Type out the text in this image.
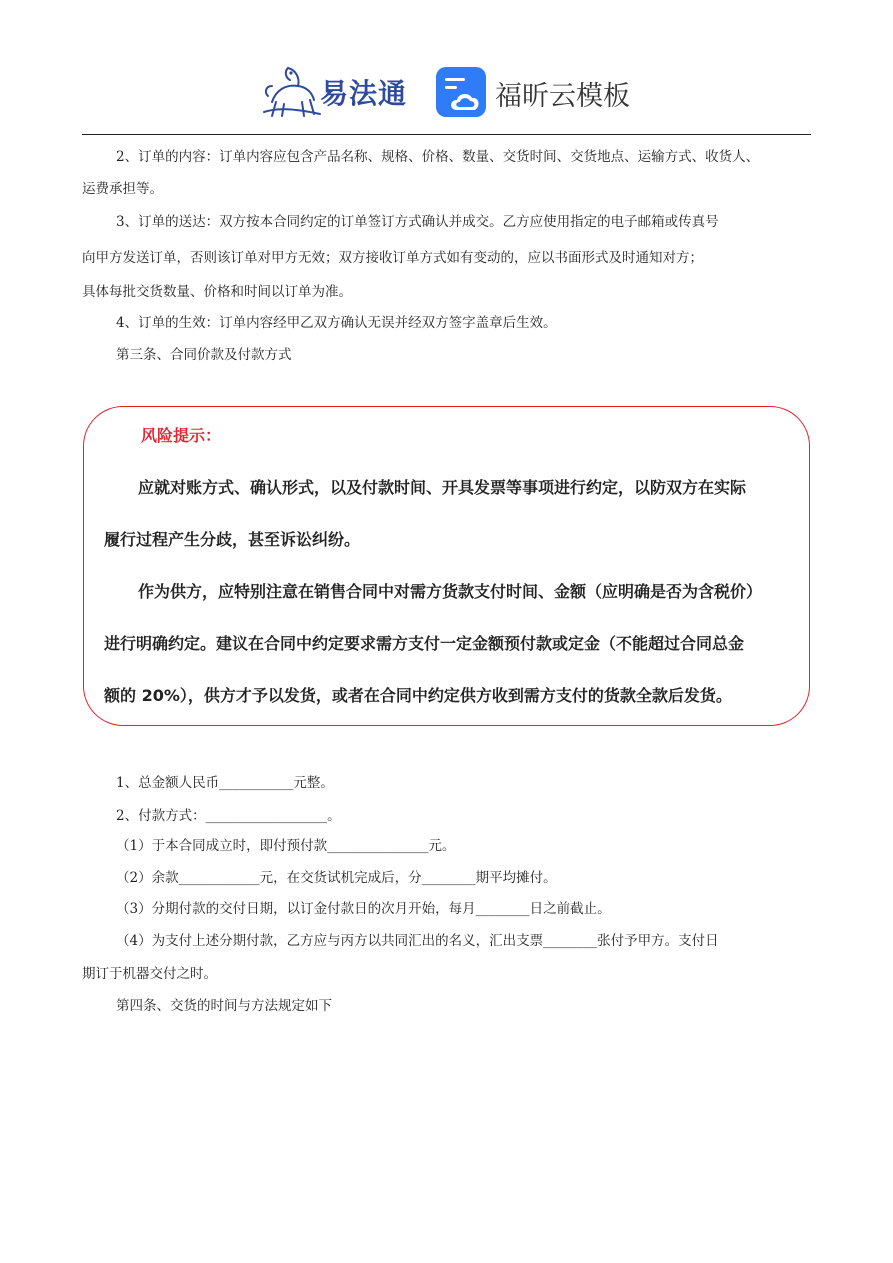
易法通	福昕云模板
2、订单的内容：订单内容应包含产品名称、规格、价格、数量、交货时间、交货地点、运输方式、收货人、
运费承担等。
3、订单的送达：双方按本合同约定的订单签订方式确认并成交。乙方应使用指定的电子邮箱或传真号
向甲方发送订单，否则该订单对甲方无效；双方接收订单方式如有变动的，应以书面形式及时通知对方；
具体每批交货数量、价格和时间以订单为准。
4、订单的生效：订单内容经甲乙双方确认无误并经双方签字盖章后生效。
第三条、合同价款及付款方式
风险提示：
应就对账方式、确认形式，以及付款时间、开具发票等事项进行约定，以防双方在实际
履行过程产生分歧，甚至诉讼纠纷。
作为供方，应特别注意在销售合同中对需方货款支付时间、金额（应明确是否为含税价）
进行明确约定。建议在合同中约定要求需方支付一定金额预付款或定金（不能超过合同总金
额的 20%），供方才予以发货，或者在合同中约定供方收到需方支付的货款全款后发货。
1、总金额人民币___________元整。
2、付款方式：__________________。
（1）于本合同成立时，即付预付款_______________元。
（2）余款____________元，在交货试机完成后，分________期平均摊付。
（3）分期付款的交付日期，以订金付款日的次月开始，每月________日之前截止。
（4）为支付上述分期付款，乙方应与丙方以共同汇出的名义，汇出支票________张付予甲方。支付日
期订于机器交付之时。
第四条、交货的时间与方法规定如下
